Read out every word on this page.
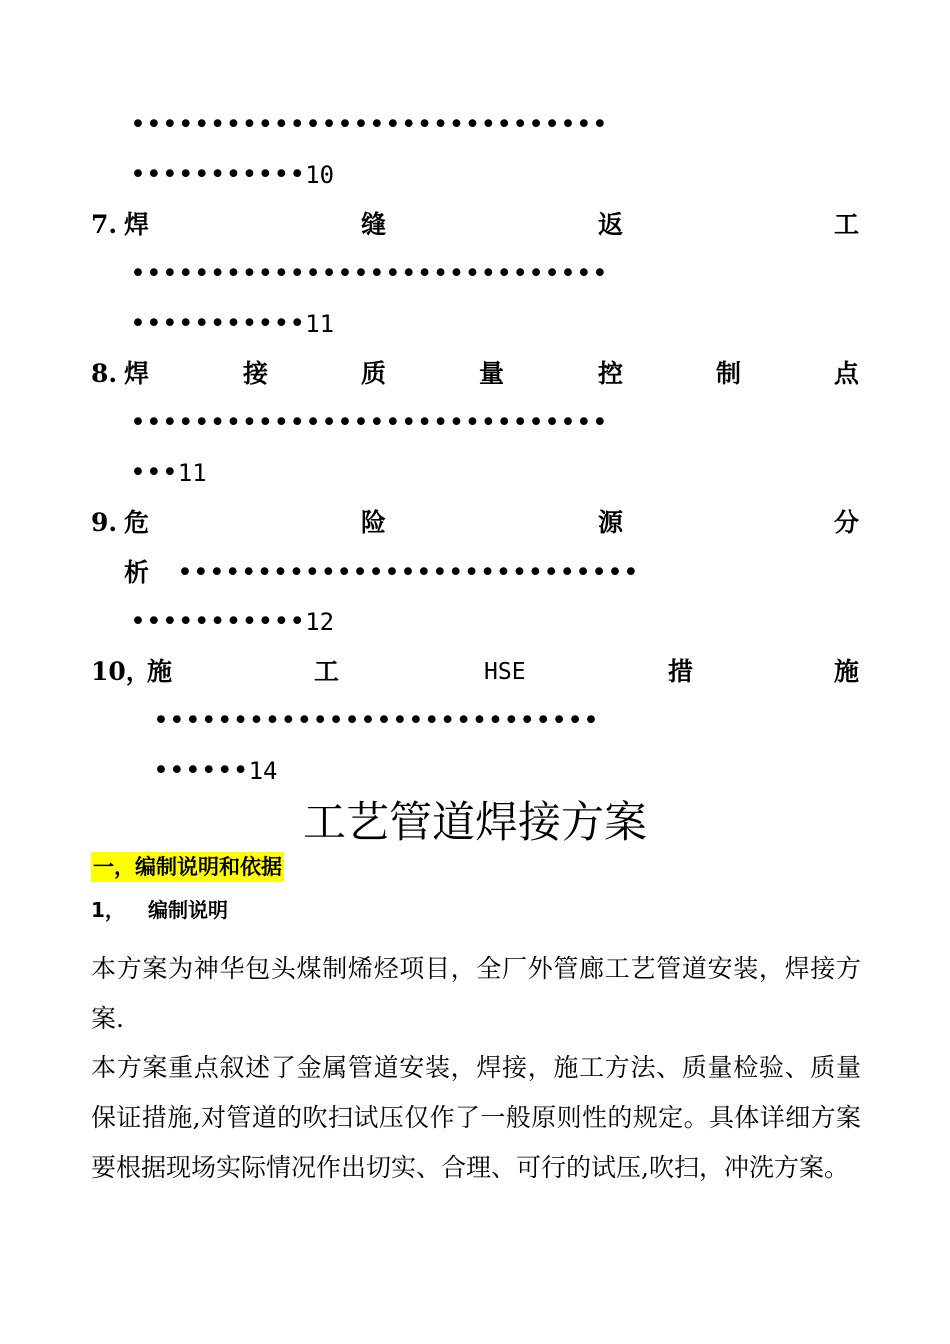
••••••••••••••••••••••••••••••
•••••••••••10
7. 焊	缝	返	工
••••••••••••••••••••••••••••••
•••••••••••11
8. 焊	接	质	量	控	制	点
••••••••••••••••••••••••••••••
•••11
9. 危	险	源	分
析 •••••••••••••••••••••••••••••
•••••••••••12
10，
施	工	HSE	措	施
••••••••••••••••••••••••••••
••••••14
工艺管道焊接方案
一，编制说明和依据
1， 编制说明
本方案为神华包头煤制烯烃项目，全厂外管廊工艺管道安装，焊接方案.
本方案重点叙述了金属管道安装，焊接，施工方法、质量检验、质量保证措施,对管道的吹扫试压仅作了一般原则性的规定。具体详细方案要根据现场实际情况作出切实、合理、可行的试压,吹扫，冲洗方案。
